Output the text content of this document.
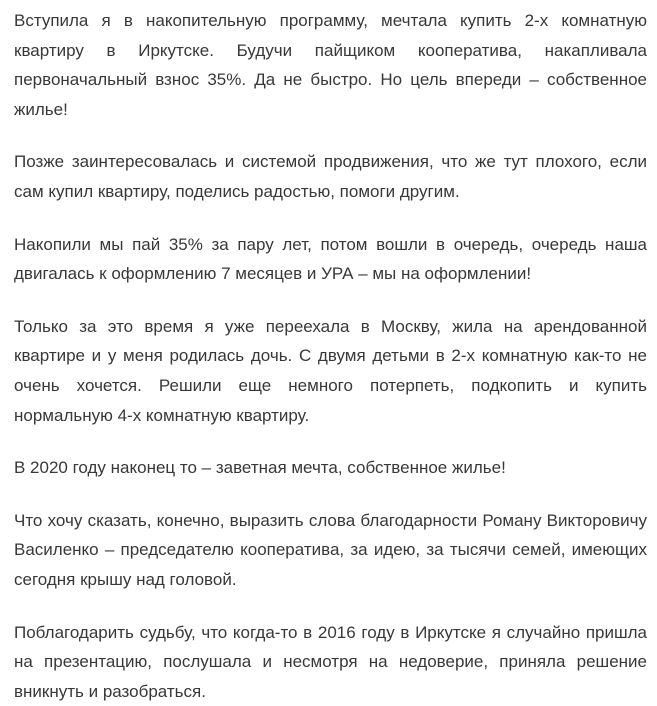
Вступила я в накопительную программу, мечтала купить 2-х комнатную квартиру в Иркутске. Будучи пайщиком кооператива, накапливала первоначальный взнос 35%. Да не быстро. Но цель впереди – собственное жилье!

Позже заинтересовалась и системой продвижения, что же тут плохого, если сам купил квартиру, поделись радостью, помоги другим.

Накопили мы пай 35% за пару лет, потом вошли в очередь, очередь наша двигалась к оформлению 7 месяцев и УРА – мы на оформлении!

Только за это время я уже переехала в Москву, жила на арендованной квартире и у меня родилась дочь. С двумя детьми в 2-х комнатную как-то не очень хочется. Решили еще немного потерпеть, подкопить и купить нормальную 4-х комнатную квартиру.

В 2020 году наконец то – заветная мечта, собственное жилье!

Что хочу сказать, конечно, выразить слова благодарности Роману Викторовичу Василенко – председателю кооператива, за идею, за тысячи семей, имеющих сегодня крышу над головой.

Поблагодарить судьбу, что когда-то в 2016 году в Иркутске я случайно пришла на презентацию, послушала и несмотря на недоверие, приняла решение вникнуть и разобраться.
